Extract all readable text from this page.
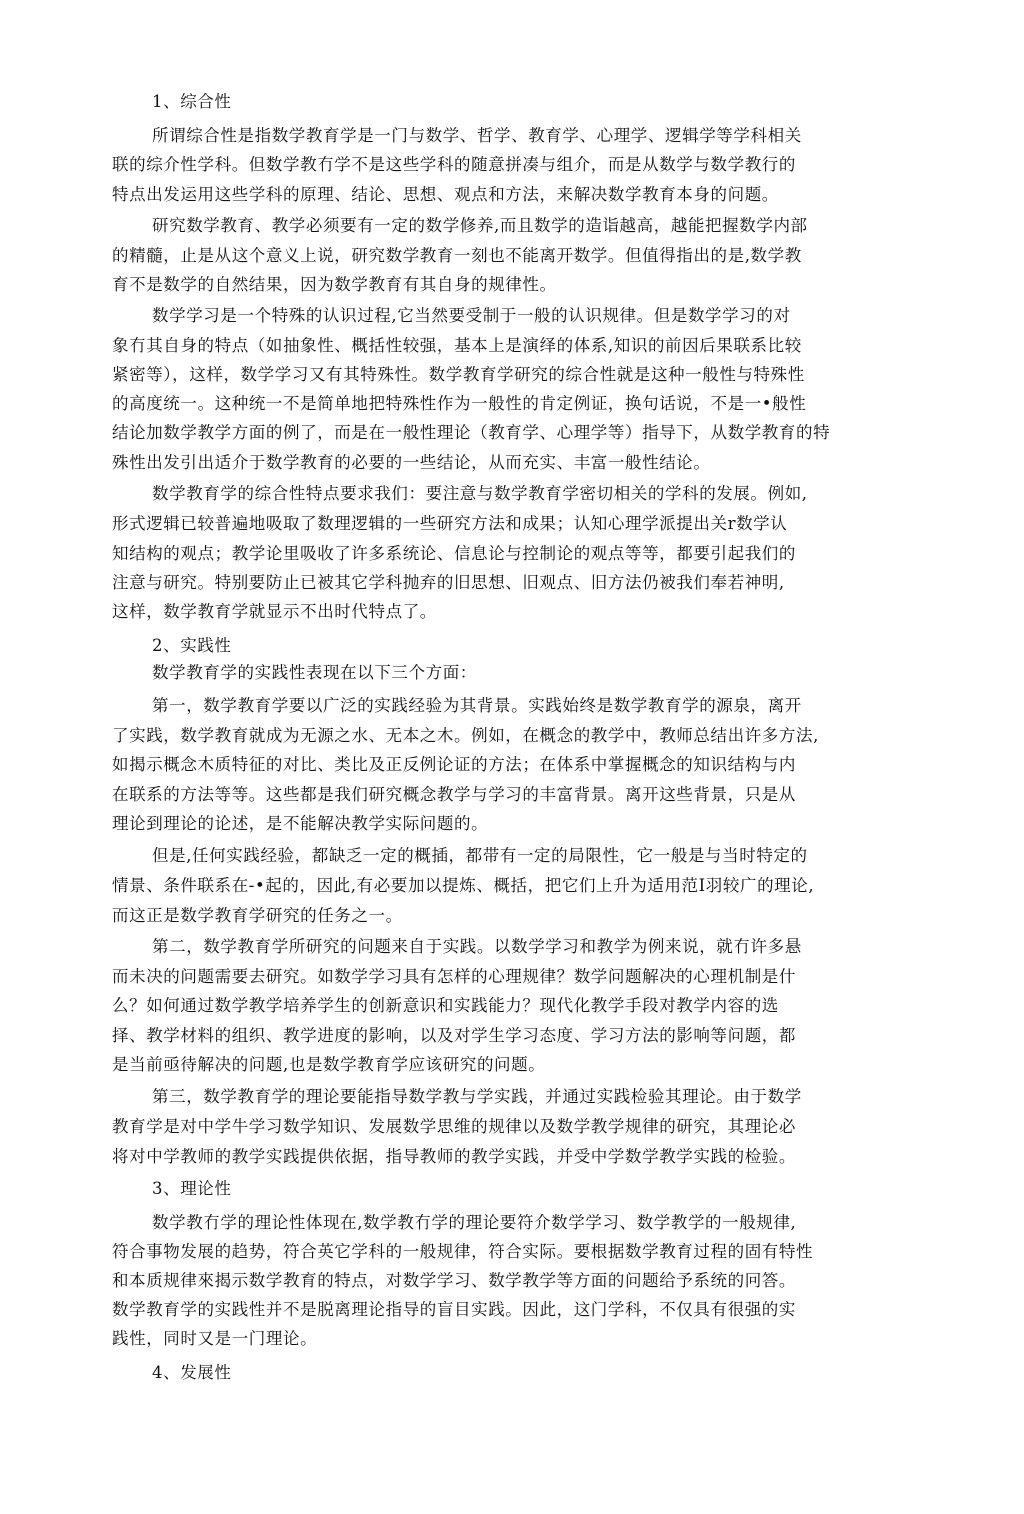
1、综合性
所谓综合性是指数学教育学是一门与数学、哲学、教育学、心理学、逻辑学等学科相关
联的综介性学科。但数学教冇学不是这些学科的随意拼凑与组介，而是从数学与数学教行的
特点出发运用这些学科的原理、结论、思想、观点和方法，来解决数学教育本身的问题。
研究数学教育、教学必须要有一定的数学修养,而且数学的造诣越高，越能把握数学内部
的精髓，止是从这个意义上说，研究数学教育一刻也不能离开数学。但值得指出的是,数学教
育不是数学的自然结果，因为数学教育有其自身的规律性。
数学学习是一个特殊的认识过程,它当然要受制于一般的认识规律。但是数学学习的对
象冇其自身的特点（如抽象性、概括性较强，基本上是演绎的体系,知识的前因后果联系比较
紧密等），这样，数学学习又有其特殊性。数学教育学研究的综合性就是这种一般性与特殊性
的高度统一。这种统一不是简单地把特殊性作为一般性的肯定例证，换句话说，不是一•般性
结论加数学教学方面的例了，而是在一般性理论（教育学、心理学等）指导下，从数学教育的特
殊性出发引出适介于数学教育的必要的一些结论，从而充实、丰富一般性结论。
数学教育学的综合性特点要求我们：要注意与数学教育学密切相关的学科的发展。例如,
形式逻辑已较普遍地吸取了数理逻辑的一些研究方法和成果；认知心理学派提出关r数学认
知结构的观点；教学论里吸收了许多系统论、信息论与控制论的观点等等，都要引起我们的
注意与研究。特别要防止已被其它学科抛弃的旧思想、旧观点、旧方法仍被我们奉若神明,
这样，数学教育学就显示不出时代特点了。
2、实践性
数学教育学的实践性表现在以下三个方面：
第一，数学教育学要以广泛的实践经验为其背景。实践始终是数学教育学的源泉，离开
了实践，数学教育就成为无源之水、无本之木。例如，在概念的教学中，教师总结出许多方法,
如揭示概念木质特征的对比、类比及正反例论证的方法；在体系中掌握概念的知识结构与内
在联系的方法等等。这些都是我们研究概念教学与学习的丰富背景。离开这些背景，只是从
理论到理论的论述，是不能解决教学实际问题的。
但是,任何实践经验，都缺乏一定的概插，都带有一定的局限性，它一般是与当时特定的
情景、条件联系在-•起的，因此,有必要加以提炼、概括，把它们上升为适用范I羽较广的理论,
而这正是数学教育学研究的任务之一。
第二，数学教育学所研究的问题来自于实践。以数学学习和教学为例来说，就冇许多悬
而未决的问题需要去研究。如数学学习具有怎样的心理规律？数学问题解决的心理机制是什
么？如何通过数学教学培养学生的创新意识和实践能力？现代化教学手段对教学内容的选
择、教学材料的组织、教学进度的影响，以及对学生学习态度、学习方法的影响等问题，都
是当前亟待解决的问题,也是数学教育学应该研究的问题。
第三，数学教育学的理论要能指导数学教与学实践，并通过实践检验其理论。由于数学
教育学是对中学牛学习数学知识、发展数学思维的规律以及数学教学规律的研究，其理论必
将对中学教师的教学实践提供依据，指导教师的教学实践，并受中学数学教学实践的检验。
3、理论性
数学教冇学的理论性体现在,数学教冇学的理论要符介数学学习、数学教学的一般规律,
符合事物发展的趋势，符合英它学科的一般规律，符合实际。要根据数学教育过程的固有特性
和本质规律來揭示数学教育的特点，对数学学习、数学教学等方面的问题给予系统的冋答。
数学教育学的实践性并不是脱离理论指导的盲目实践。因此，这门学科，不仅具有很强的实
践性，同时又是一门理论。
4、发展性
